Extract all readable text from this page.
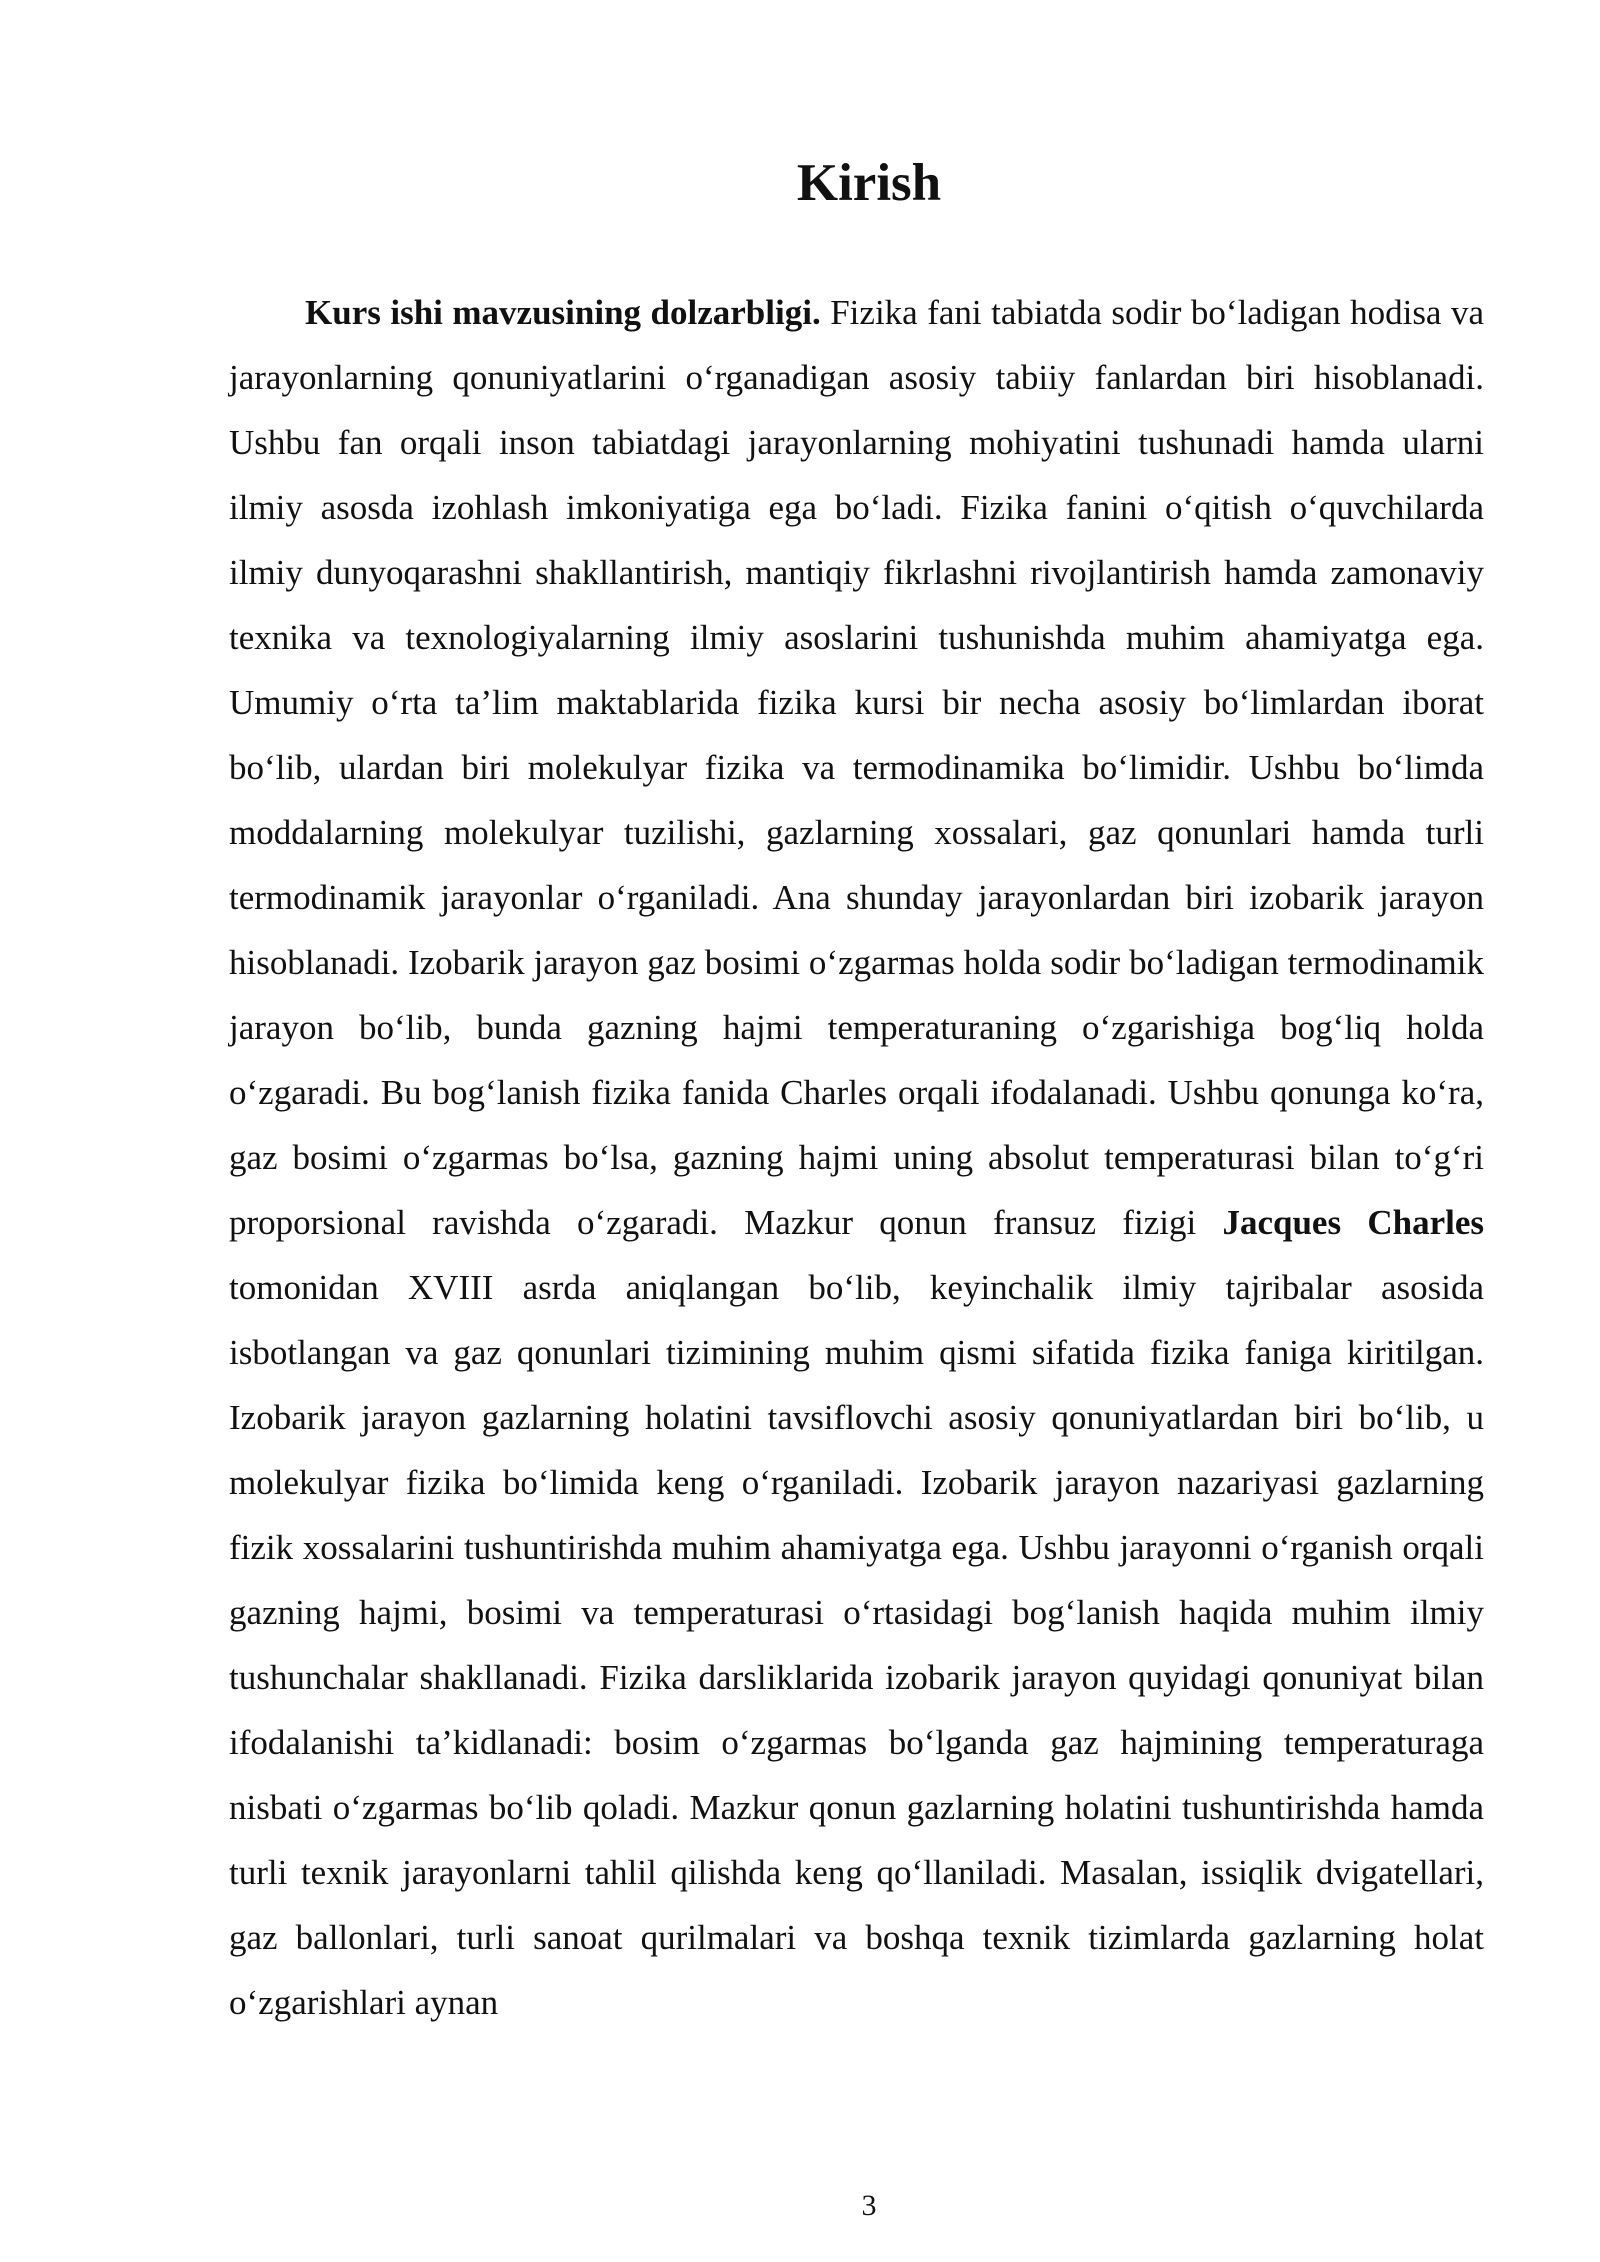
Kirish

Kurs ishi mavzusining dolzarbligi. Fizika fani tabiatda sodir bo‘ladigan hodisa va jarayonlarning qonuniyatlarini o‘rganadigan asosiy tabiiy fanlardan biri hisoblanadi. Ushbu fan orqali inson tabiatdagi jarayonlarning mohiyatini tushunadi hamda ularni ilmiy asosda izohlash imkoniyatiga ega bo‘ladi. Fizika fanini o‘qitish o‘quvchilarda ilmiy dunyoqarashni shakllantirish, mantiqiy fikrlashni rivojlantirish hamda zamonaviy texnika va texnologiyalarning ilmiy asoslarini tushunishda muhim ahamiyatga ega. Umumiy o‘rta ta’lim maktablarida fizika kursi bir necha asosiy bo‘limlardan iborat bo‘lib, ulardan biri molekulyar fizika va termodinamika bo‘limidir. Ushbu bo‘limda moddalarning molekulyar tuzilishi, gazlarning xossalari, gaz qonunlari hamda turli termodinamik jarayonlar o‘rganiladi. Ana shunday jarayonlardan biri izobarik jarayon hisoblanadi. Izobarik jarayon gaz bosimi o‘zgarmas holda sodir bo‘ladigan termodinamik jarayon bo‘lib, bunda gazning hajmi temperaturaning o‘zgarishiga bog‘liq holda o‘zgaradi. Bu bog‘lanish fizika fanida Charles orqali ifodalanadi. Ushbu qonunga ko‘ra, gaz bosimi o‘zgarmas bo‘lsa, gazning hajmi uning absolut temperaturasi bilan to‘g‘ri proporsional ravishda o‘zgaradi. Mazkur qonun fransuz fizigi Jacques Charles tomonidan XVIII asrda aniqlangan bo‘lib, keyinchalik ilmiy tajribalar asosida isbotlangan va gaz qonunlari tizimining muhim qismi sifatida fizika faniga kiritilgan. Izobarik jarayon gazlarning holatini tavsiflovchi asosiy qonuniyatlardan biri bo‘lib, u molekulyar fizika bo‘limida keng o‘rganiladi. Izobarik jarayon nazariyasi gazlarning fizik xossalarini tushuntirishda muhim ahamiyatga ega. Ushbu jarayonni o‘rganish orqali gazning hajmi, bosimi va temperaturasi o‘rtasidagi bog‘lanish haqida muhim ilmiy tushunchalar shakllanadi. Fizika darsliklarida izobarik jarayon quyidagi qonuniyat bilan ifodalanishi ta’kidlanadi: bosim o‘zgarmas bo‘lganda gaz hajmining temperaturaga nisbati o‘zgarmas bo‘lib qoladi. Mazkur qonun gazlarning holatini tushuntirishda hamda turli texnik jarayonlarni tahlil qilishda keng qo‘llaniladi. Masalan, issiqlik dvigatellari, gaz ballonlari, turli sanoat qurilmalari va boshqa texnik tizimlarda gazlarning holat o‘zgarishlari aynan

3
